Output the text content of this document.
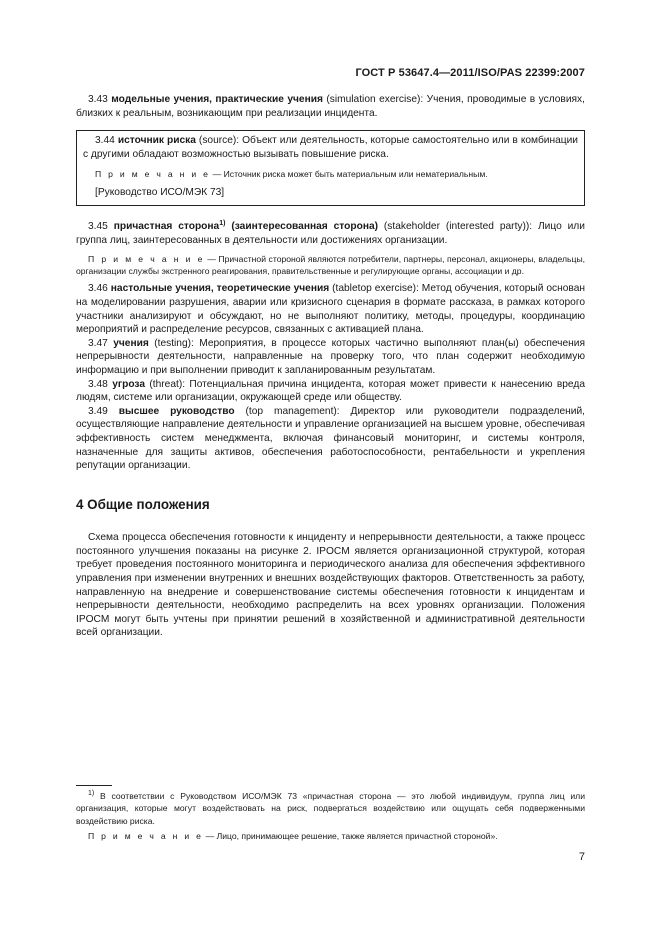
ГОСТ Р 53647.4—2011/ISO/PAS 22399:2007

3.43 модельные учения, практические учения (simulation exercise): Учения, проводимые в условиях, близких к реальным, возникающим при реализации инцидента.

3.44 источник риска (source): Объект или деятельность, которые самостоятельно или в комбинации с другими обладают возможностью вызывать повышение риска.

П р и м е ч а н и е — Источник риска может быть материальным или нематериальным.

[Руководство ИСО/МЭК 73]

3.45 причастная сторона$^{1)}$ (заинтересованная сторона) (stakeholder (interested party)): Лицо или группа лиц, заинтересованных в деятельности или достижениях организации.

П р и м е ч а н и е — Причастной стороной являются потребители, партнеры, персонал, акционеры, владельцы, организации службы экстренного реагирования, правительственные и регулирующие органы, ассоциации и др.

3.46 настольные учения, теоретические учения (tabletop exercise): Метод обучения, который основан на моделировании разрушения, аварии или кризисного сценария в формате рассказа, в рамках которого участники анализируют и обсуждают, но не выполняют политику, методы, процедуры, координацию мероприятий и распределение ресурсов, связанных с активацией плана.

3.47 учения (testing): Мероприятия, в процессе которых частично выполняют план(ы) обеспечения непрерывности деятельности, направленные на проверку того, что план содержит необходимую информацию и при выполнении приводит к запланированным результатам.

3.48 угроза (threat): Потенциальная причина инцидента, которая может привести к нанесению вреда людям, системе или организации, окружающей среде или обществу.

3.49 высшее руководство (top management): Директор или руководители подразделений, осуществляющие направление деятельности и управление организацией на высшем уровне, обеспечивая эффективность систем менеджмента, включая финансовый мониторинг, и системы контроля, назначенные для защиты активов, обеспечения работоспособности, рентабельности и укрепления репутации организации.

4 Общие положения

Схема процесса обеспечения готовности к инциденту и непрерывности деятельности, а также процесс постоянного улучшения показаны на рисунке 2. IPOCM является организационной структурой, которая требует проведения постоянного мониторинга и периодического анализа для обеспечения эффективного управления при изменении внутренних и внешних воздействующих факторов. Ответственность за работу, направленную на внедрение и совершенствование системы обеспечения готовности к инцидентам и непрерывности деятельности, необходимо распределить на всех уровнях организации. Положения IPOCM могут быть учтены при принятии решений в хозяйственной и административной деятельности всей организации.

$^{1)}$ В соответствии с Руководством ИСО/МЭК 73 «причастная сторона — это любой индивидуум, группа лиц или организация, которые могут воздействовать на риск, подвергаться воздействию или ощущать себя подверженными воздействию риска.

П р и м е ч а н и е — Лицо, принимающее решение, также является причастной стороной».

7
